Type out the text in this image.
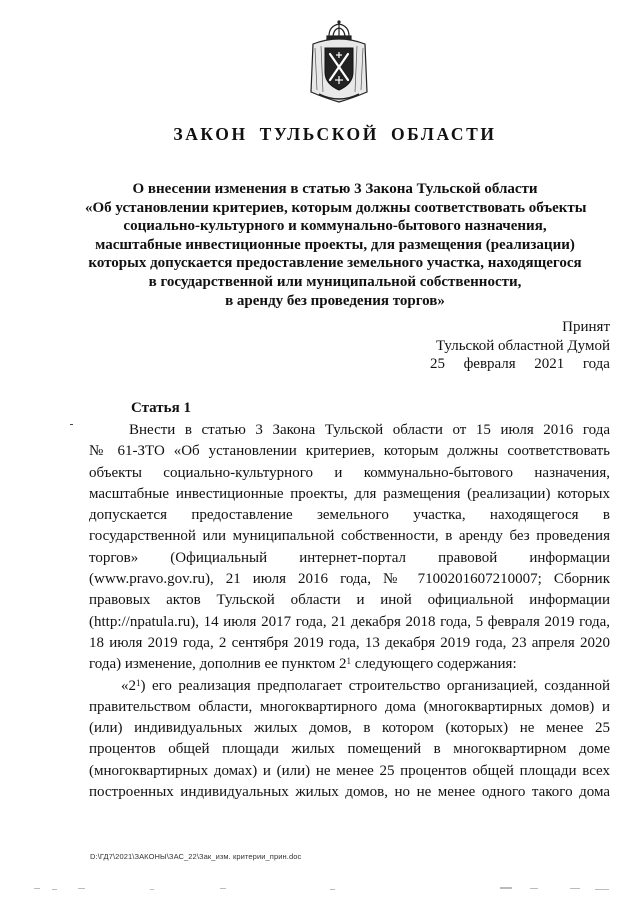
ЗАКОН ТУЛЬСКОЙ ОБЛАСТИ
О внесении изменения в статью 3 Закона Тульской области
«Об установлении критериев, которым должны соответствовать объекты
социально-культурного и коммунально-бытового назначения,
масштабные инвестиционные проекты, для размещения (реализации)
которых допускается предоставление земельного участка, находящегося
в государственной или муниципальной собственности,
в аренду без проведения торгов»
Принят
Тульской областной Думой
25 февраля 2021 года
Статья 1
Внести в статью 3 Закона Тульской области от 15 июля 2016 года
№ 61-ЗТО «Об установлении критериев, которым должны соответствовать
объекты социально-культурного и коммунально-бытового назначения,
масштабные инвестиционные проекты, для размещения (реализации) которых
допускается предоставление земельного участка, находящегося в
государственной или муниципальной собственности, в аренду без проведения
торгов» (Официальный интернет-портал правовой информации
(www.pravo.gov.ru), 21 июля 2016 года, № 7100201607210007; Сборник
правовых актов Тульской области и иной официальной информации
(http://npatula.ru), 14 июля 2017 года, 21 декабря 2018 года, 5 февраля 2019 года,
18 июля 2019 года, 2 сентября 2019 года, 13 декабря 2019 года, 23 апреля 2020
года) изменение, дополнив ее пунктом $2^1$ следующего содержания:
«$2^1$) его реализация предполагает строительство организацией, созданной
правительством области, многоквартирного дома (многоквартирных домов) и
(или) индивидуальных жилых домов, в котором (которых) не менее 25
процентов общей площади жилых помещений в многоквартирном доме
(многоквартирных домах) и (или) не менее 25 процентов общей площади всех
построенных индивидуальных жилых домов, но не менее одного такого дома
D:\ГД7\2021\ЗАКОНЫ\ЗАС_22\Зак_изм. критерии_прин.doc
